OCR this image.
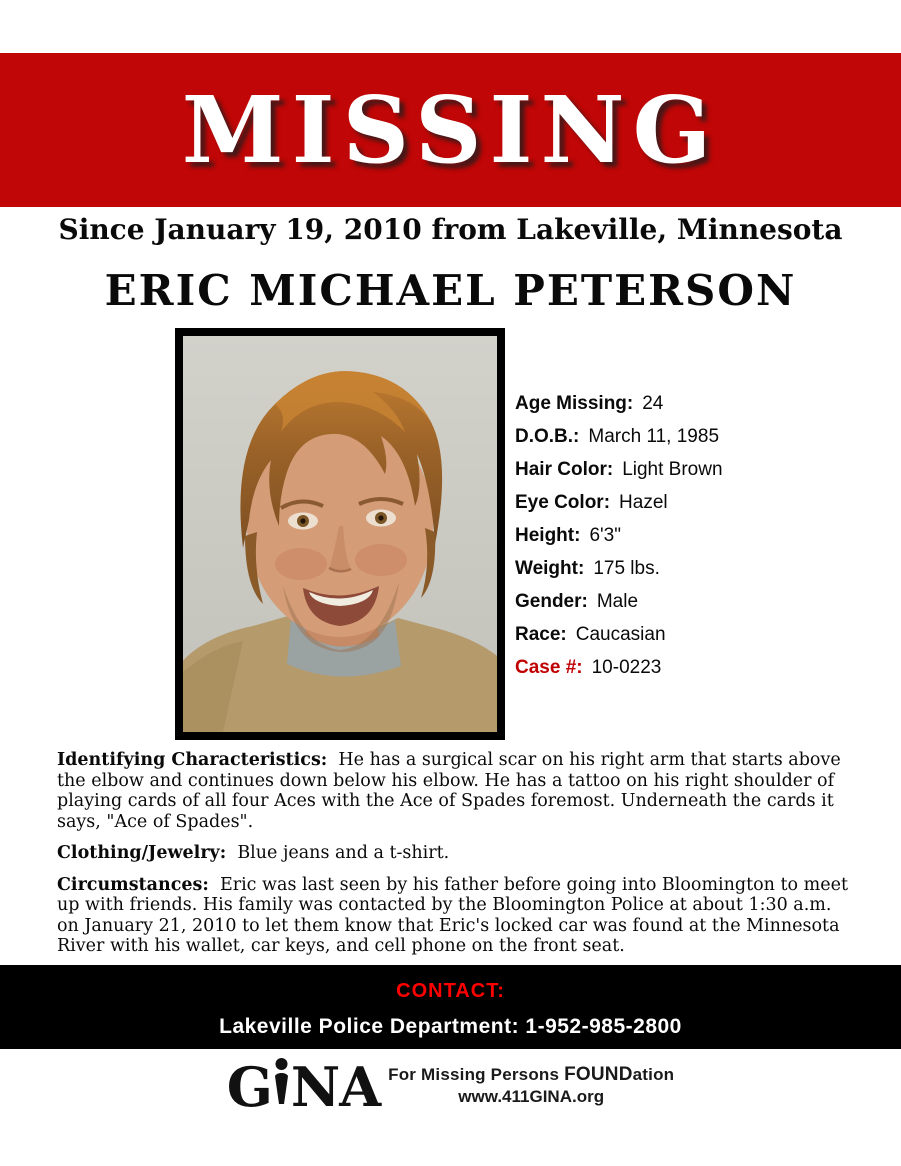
MISSING
Since January 19, 2010 from Lakeville, Minnesota
ERIC MICHAEL PETERSON
Age Missing: 24
D.O.B.: March 11, 1985
Hair Color: Light Brown
Eye Color: Hazel
Height: 6'3"
Weight: 175 lbs.
Gender: Male
Race: Caucasian
Case #: 10-0223

Identifying Characteristics: He has a surgical scar on his right arm that starts above the elbow and continues down below his elbow. He has a tattoo on his right shoulder of playing cards of all four Aces with the Ace of Spades foremost. Underneath the cards it says, "Ace of Spades".

Clothing/Jewelry: Blue jeans and a t-shirt.

Circumstances: Eric was last seen by his father before going into Bloomington to meet up with friends. His family was contacted by the Bloomington Police at about 1:30 a.m. on January 21, 2010 to let them know that Eric's locked car was found at the Minnesota River with his wallet, car keys, and cell phone on the front seat.

CONTACT:
Lakeville Police Department: 1-952-985-2800
G NA For Missing Persons FOUNDation
www.411GINA.org
